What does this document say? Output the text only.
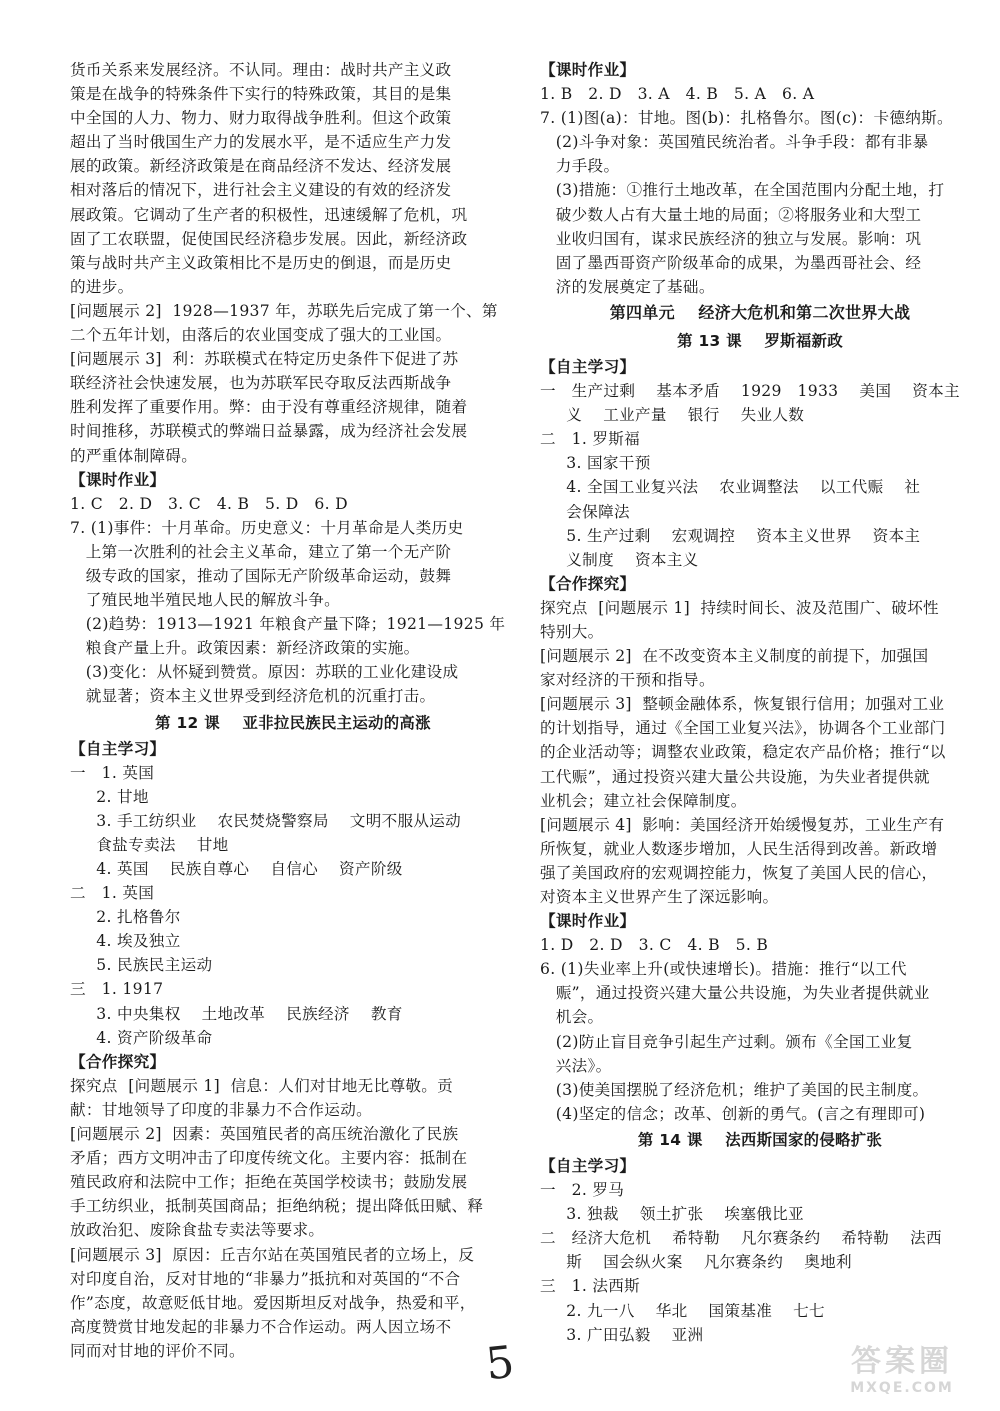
货币关系来发展经济。不认同。理由：战时共产主义政
策是在战争的特殊条件下实行的特殊政策，其目的是集
中全国的人力、物力、财力取得战争胜利。但这个政策
超出了当时俄国生产力的发展水平，是不适应生产力发
展的政策。新经济政策是在商品经济不发达、经济发展
相对落后的情况下，进行社会主义建设的有效的经济发
展政策。它调动了生产者的积极性，迅速缓解了危机，巩
固了工农联盟，促使国民经济稳步发展。因此，新经济政
策与战时共产主义政策相比不是历史的倒退，而是历史
的进步。
[问题展示 2]  1928—1937 年，苏联先后完成了第一个、第
二个五年计划，由落后的农业国变成了强大的工业国。
[问题展示 3]  利：苏联模式在特定历史条件下促进了苏
联经济社会快速发展，也为苏联军民夺取反法西斯战争
胜利发挥了重要作用。弊：由于没有尊重经济规律，随着
时间推移，苏联模式的弊端日益暴露，成为经济社会发展
的严重体制障碍。
【课时作业】
1. C   2. D   3. C   4. B   5. D   6. D
7. (1)事件：十月革命。历史意义：十月革命是人类历史
上第一次胜利的社会主义革命，建立了第一个无产阶
级专政的国家，推动了国际无产阶级革命运动，鼓舞
了殖民地半殖民地人民的解放斗争。
(2)趋势：1913—1921 年粮食产量下降；1921—1925 年
粮食产量上升。政策因素：新经济政策的实施。
(3)变化：从怀疑到赞赏。原因：苏联的工业化建设成
就显著；资本主义世界受到经济危机的沉重打击。
第 12 课    亚非拉民族民主运动的高涨
【自主学习】
一   1. 英国
2. 甘地
3. 手工纺织业    农民焚烧警察局    文明不服从运动
食盐专卖法    甘地
4. 英国    民族自尊心    自信心    资产阶级
二   1. 英国
2. 扎格鲁尔
4. 埃及独立
5. 民族民主运动
三   1. 1917
3. 中央集权    土地改革    民族经济    教育
4. 资产阶级革命
【合作探究】
探究点  [问题展示 1]  信息：人们对甘地无比尊敬。贡
献：甘地领导了印度的非暴力不合作运动。
[问题展示 2]  因素：英国殖民者的高压统治激化了民族
矛盾；西方文明冲击了印度传统文化。主要内容：抵制在
殖民政府和法院中工作；拒绝在英国学校读书；鼓励发展
手工纺织业，抵制英国商品；拒绝纳税；提出降低田赋、释
放政治犯、废除食盐专卖法等要求。
[问题展示 3]  原因：丘吉尔站在英国殖民者的立场上，反
对印度自治，反对甘地的“非暴力”抵抗和对英国的“不合
作”态度，故意贬低甘地。爱因斯坦反对战争，热爱和平，
高度赞赏甘地发起的非暴力不合作运动。两人因立场不
同而对甘地的评价不同。
【课时作业】
1. B   2. D   3. A   4. B   5. A   6. A
7. (1)图(a)：甘地。图(b)：扎格鲁尔。图(c)：卡德纳斯。
(2)斗争对象：英国殖民统治者。斗争手段：都有非暴
力手段。
(3)措施：①推行土地改革，在全国范围内分配土地，打
破少数人占有大量土地的局面；②将服务业和大型工
业收归国有，谋求民族经济的独立与发展。影响：巩
固了墨西哥资产阶级革命的成果，为墨西哥社会、经
济的发展奠定了基础。
第四单元    经济大危机和第二次世界大战
第 13 课    罗斯福新政
【自主学习】
一   生产过剩    基本矛盾    1929   1933    美国    资本主
义    工业产量    银行    失业人数
二   1. 罗斯福
3. 国家干预
4. 全国工业复兴法    农业调整法    以工代赈    社
会保障法
5. 生产过剩    宏观调控    资本主义世界    资本主
义制度    资本主义
【合作探究】
探究点  [问题展示 1]  持续时间长、波及范围广、破坏性
特别大。
[问题展示 2]  在不改变资本主义制度的前提下，加强国
家对经济的干预和指导。
[问题展示 3]  整顿金融体系，恢复银行信用；加强对工业
的计划指导，通过《全国工业复兴法》，协调各个工业部门
的企业活动等；调整农业政策，稳定农产品价格；推行“以
工代赈”，通过投资兴建大量公共设施，为失业者提供就
业机会；建立社会保障制度。
[问题展示 4]  影响：美国经济开始缓慢复苏，工业生产有
所恢复，就业人数逐步增加，人民生活得到改善。新政增
强了美国政府的宏观调控能力，恢复了美国人民的信心，
对资本主义世界产生了深远影响。
【课时作业】
1. D   2. D   3. C   4. B   5. B
6. (1)失业率上升(或快速增长)。措施：推行“以工代
赈”，通过投资兴建大量公共设施，为失业者提供就业
机会。
(2)防止盲目竞争引起生产过剩。颁布《全国工业复
兴法》。
(3)使美国摆脱了经济危机；维护了美国的民主制度。
(4)坚定的信念；改革、创新的勇气。(言之有理即可)
第 14 课    法西斯国家的侵略扩张
【自主学习】
一   2. 罗马
3. 独裁    领土扩张    埃塞俄比亚
二   经济大危机    希特勒    凡尔赛条约    希特勒    法西
斯    国会纵火案    凡尔赛条约    奥地利
三   1. 法西斯
2. 九一八    华北    国策基准    七七
3. 广田弘毅    亚洲
5	答案圈
MXQE.COM
